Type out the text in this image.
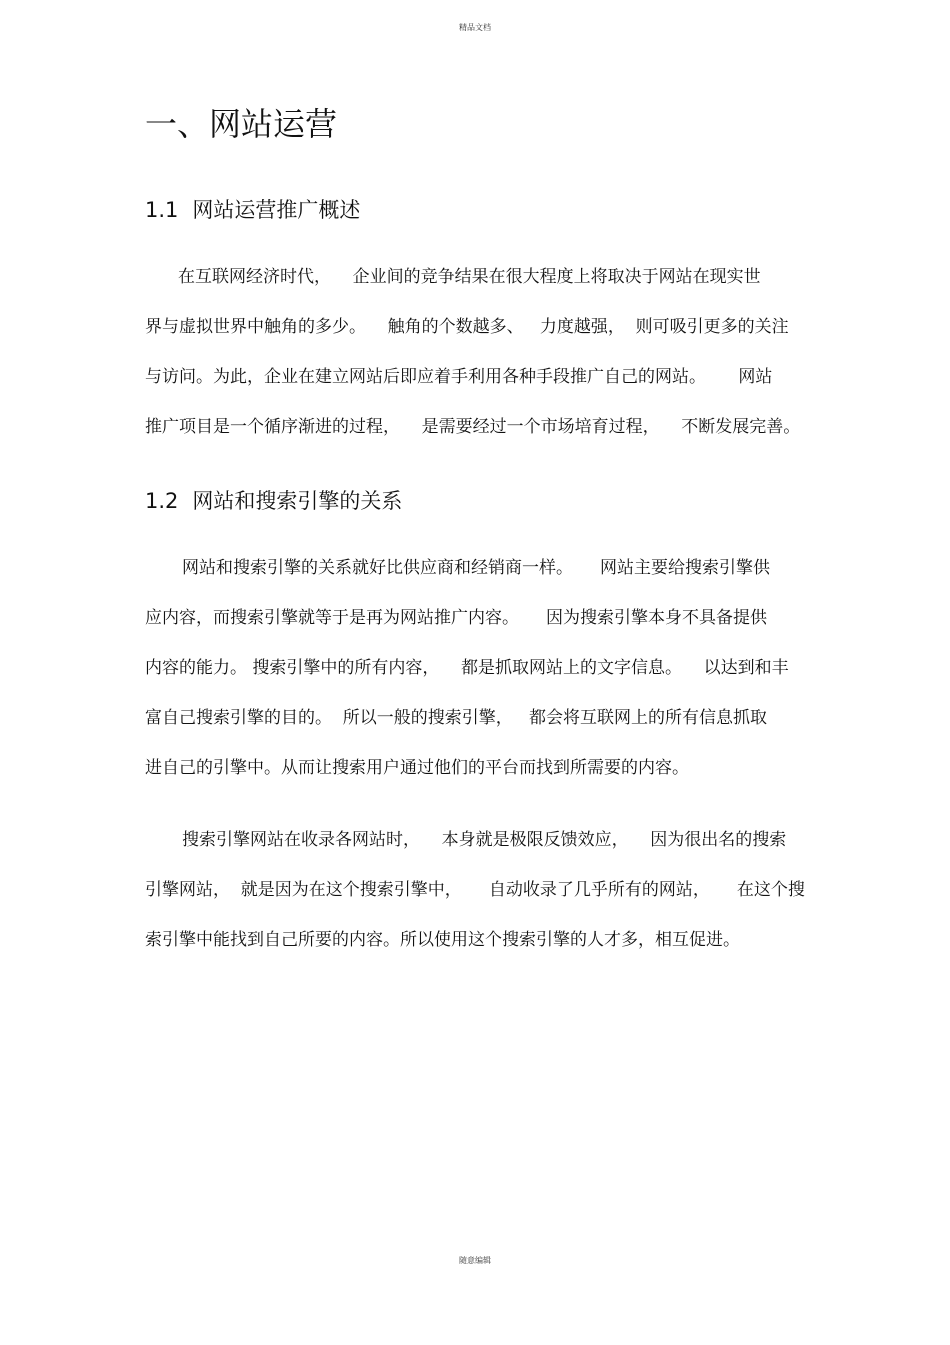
精品文档
一、网站运营
1.1 网站运营推广概述
在互联网经济时代，    企业间的竞争结果在很大程度上将取决于网站在现实世
界与虚拟世界中触角的多少。    触角的个数越多、   力度越强，  则可吸引更多的关注
与访问。为此，企业在建立网站后即应着手利用各种手段推广自己的网站。      网站
推广项目是一个循序渐进的过程，    是需要经过一个市场培育过程，    不断发展完善。
1.2 网站和搜索引擎的关系
网站和搜索引擎的关系就好比供应商和经销商一样。     网站主要给搜索引擎供
应内容，而搜索引擎就等于是再为网站推广内容。     因为搜索引擎本身不具备提供
内容的能力。 搜索引擎中的所有内容，    都是抓取网站上的文字信息。    以达到和丰
富自己搜索引擎的目的。  所以一般的搜索引擎，   都会将互联网上的所有信息抓取
进自己的引擎中。从而让搜索用户通过他们的平台而找到所需要的内容。
搜索引擎网站在收录各网站时，    本身就是极限反馈效应，    因为很出名的搜索
引擎网站，  就是因为在这个搜索引擎中，     自动收录了几乎所有的网站，     在这个搜
索引擎中能找到自己所要的内容。所以使用这个搜索引擎的人才多，相互促进。
随意编辑
